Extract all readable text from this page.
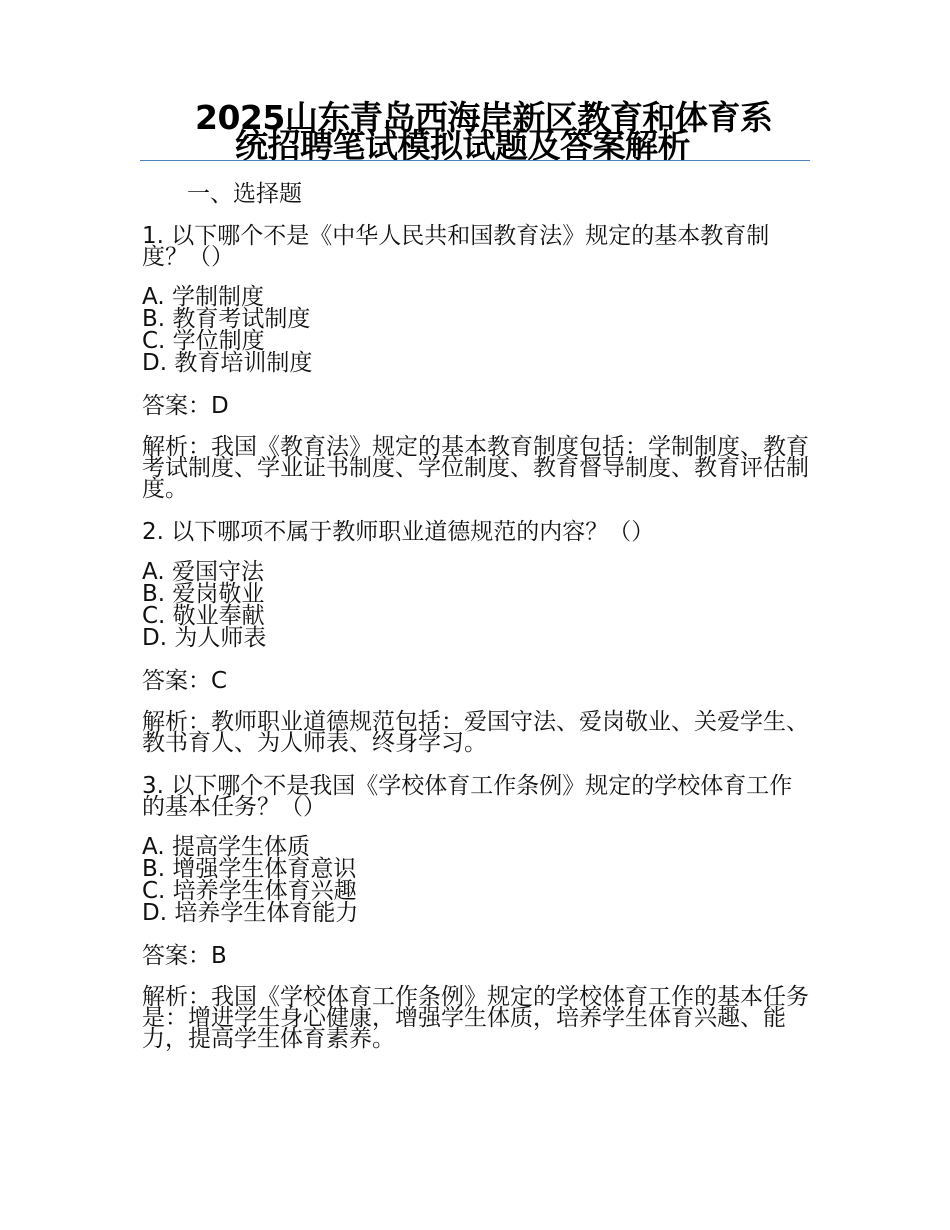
2025山东青岛西海岸新区教育和体育系
统招聘笔试模拟试题及答案解析
一、选择题
1. 以下哪个不是《中华人民共和国教育法》规定的基本教育制度？（）
A. 学制制度
B. 教育考试制度
C. 学位制度
D. 教育培训制度
答案：D
解析：我国《教育法》规定的基本教育制度包括：学制制度、教育考试制度、学业证书制度、学位制度、教育督导制度、教育评估制度。
2. 以下哪项不属于教师职业道德规范的内容？（）
A. 爱国守法
B. 爱岗敬业
C. 敬业奉献
D. 为人师表
答案：C
解析：教师职业道德规范包括：爱国守法、爱岗敬业、关爱学生、教书育人、为人师表、终身学习。
3. 以下哪个不是我国《学校体育工作条例》规定的学校体育工作的基本任务？（）
A. 提高学生体质
B. 增强学生体育意识
C. 培养学生体育兴趣
D. 培养学生体育能力
答案：B
解析：我国《学校体育工作条例》规定的学校体育工作的基本任务是：增进学生身心健康，增强学生体质，培养学生体育兴趣、能力，提高学生体育素养。
